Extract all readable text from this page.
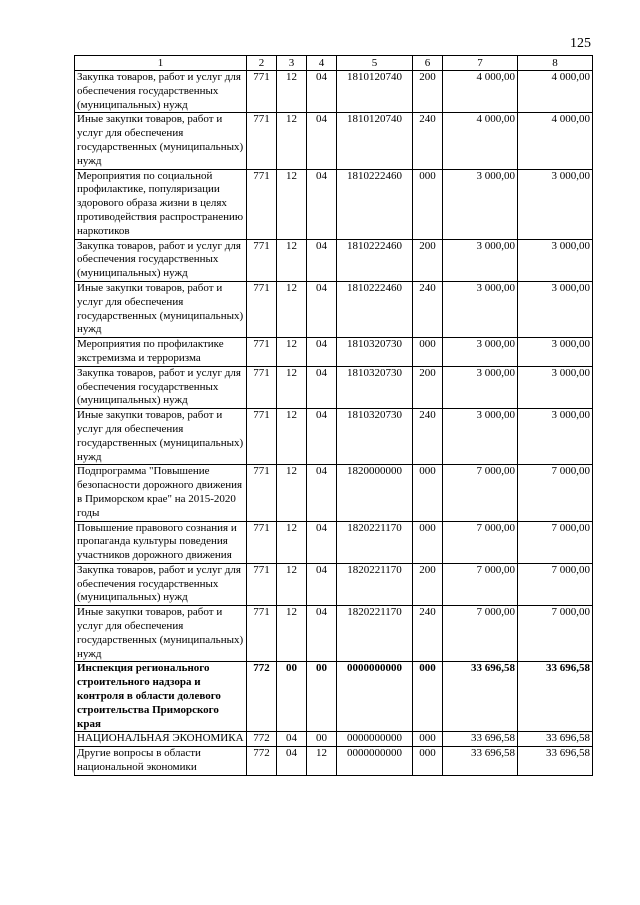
125
1	2	3	4	5	6	7	8
Закупка товаров, работ и услуг для обеспечения государственных (муниципальных) нужд	771	12	04	1810120740	200	4 000,00	4 000,00
Иные закупки товаров, работ и услуг для обеспечения государственных (муниципальных) нужд	771	12	04	1810120740	240	4 000,00	4 000,00
Мероприятия по социальной профилактике, популяризации здорового образа жизни в целях противодействия распространению наркотиков	771	12	04	1810222460	000	3 000,00	3 000,00
Закупка товаров, работ и услуг для обеспечения государственных (муниципальных) нужд	771	12	04	1810222460	200	3 000,00	3 000,00
Иные закупки товаров, работ и услуг для обеспечения государственных (муниципальных) нужд	771	12	04	1810222460	240	3 000,00	3 000,00
Мероприятия по профилактике экстремизма и терроризма	771	12	04	1810320730	000	3 000,00	3 000,00
Закупка товаров, работ и услуг для обеспечения государственных (муниципальных) нужд	771	12	04	1810320730	200	3 000,00	3 000,00
Иные закупки товаров, работ и услуг для обеспечения государственных (муниципальных) нужд	771	12	04	1810320730	240	3 000,00	3 000,00
Подпрограмма "Повышение безопасности дорожного движения в Приморском крае" на 2015-2020 годы	771	12	04	1820000000	000	7 000,00	7 000,00
Повышение правового сознания и пропаганда культуры поведения участников дорожного движения	771	12	04	1820221170	000	7 000,00	7 000,00
Закупка товаров, работ и услуг для обеспечения государственных (муниципальных) нужд	771	12	04	1820221170	200	7 000,00	7 000,00
Иные закупки товаров, работ и услуг для обеспечения государственных (муниципальных) нужд	771	12	04	1820221170	240	7 000,00	7 000,00
Инспекция регионального строительного надзора и контроля в области долевого строительства Приморского края	772	00	00	0000000000	000	33 696,58	33 696,58
НАЦИОНАЛЬНАЯ ЭКОНОМИКА	772	04	00	0000000000	000	33 696,58	33 696,58
Другие вопросы в области национальной экономики	772	04	12	0000000000	000	33 696,58	33 696,58
